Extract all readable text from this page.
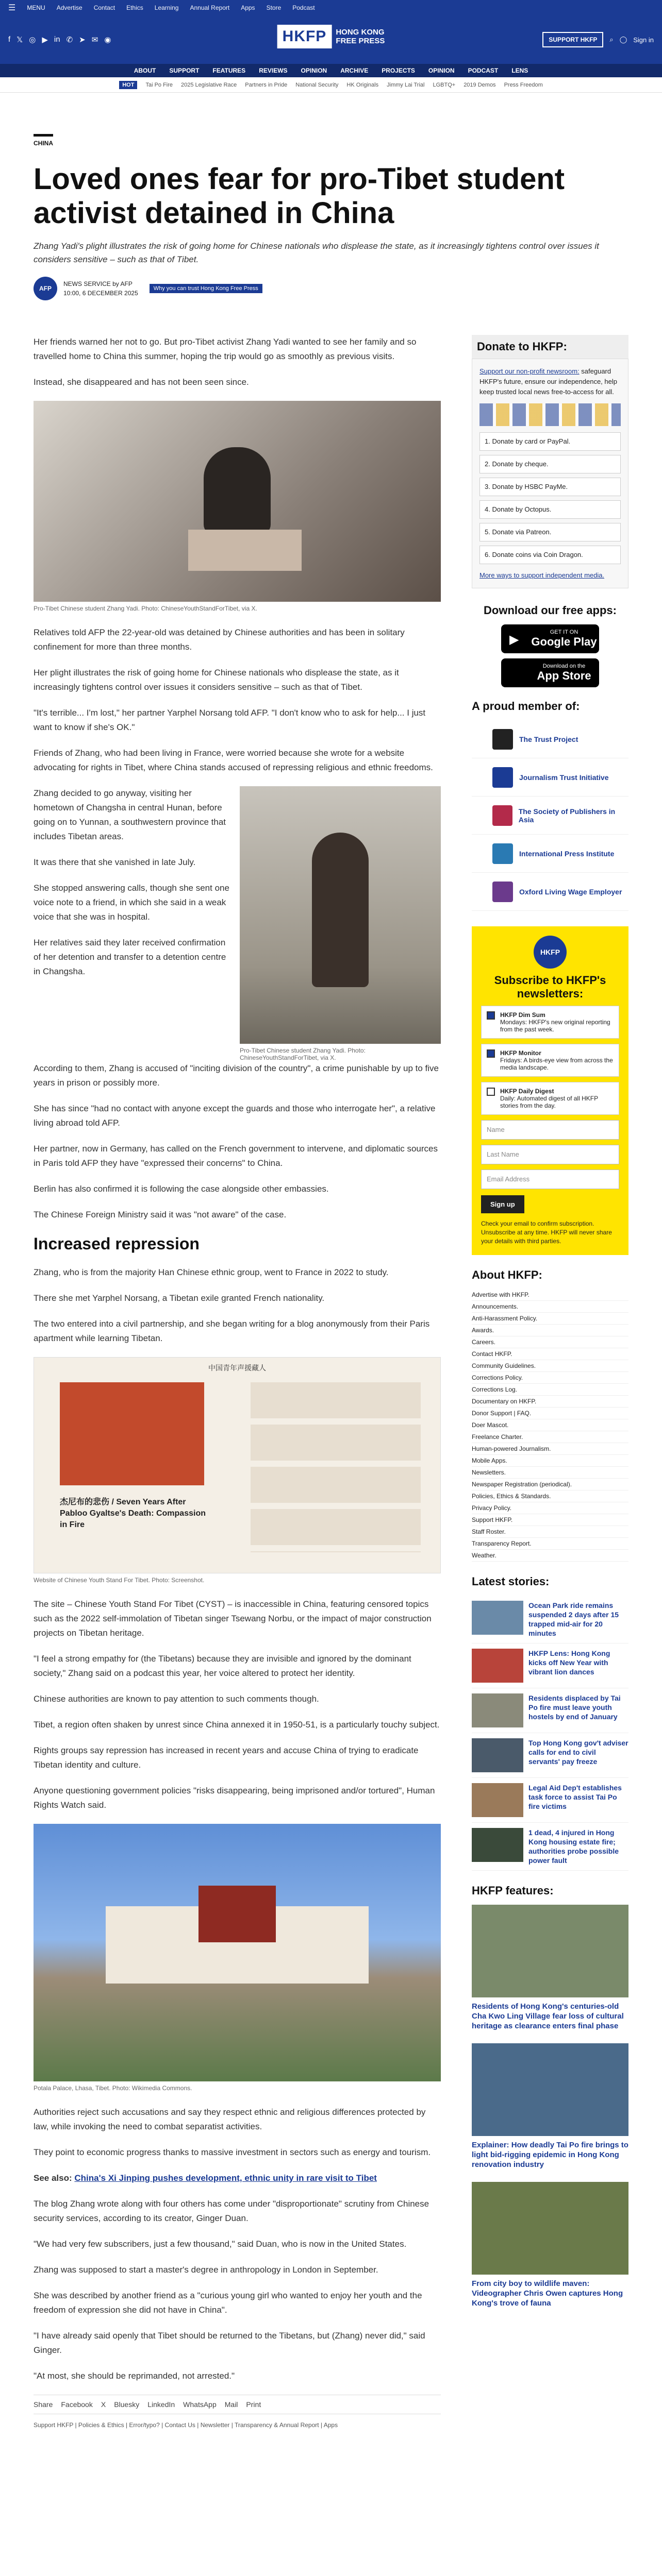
☰ MENU Advertise Contact Ethics Learning Annual Report Apps Store Podcast
f 𝕏 ◎ ▶ in ✆ ➤ ✉ ◉	HKFP	HONG KONG
FREE PRESS	SUPPORT HKFP	⌕ ◯ Sign in
ABOUT SUPPORT FEATURES REVIEWS OPINION ARCHIVE PROJECTS OPINION PODCAST LENS
HOT	Tai Po Fire 2025 Legislative Race Partners in Pride National Security HK Originals Jimmy Lai Trial LGBTQ+ 2019 Demos Press Freedom
CHINA
Loved ones fear for pro-Tibet student activist detained in China
Zhang Yadi's plight illustrates the risk of going home for Chinese nationals who displease the state, as it increasingly tightens control over issues it considers sensitive – such as that of Tibet.
AFP
NEWS SERVICE by AFP
10:00, 6 DECEMBER 2025
Why you can trust Hong Kong Free Press

Her friends warned her not to go. But pro-Tibet activist Zhang Yadi wanted to see her family and so travelled home to China this summer, hoping the trip would go as smoothly as previous visits.

Instead, she disappeared and has not been seen since.

Pro-Tibet Chinese student Zhang Yadi. Photo: ChineseYouthStandForTibet, via X.

Relatives told AFP the 22-year-old was detained by Chinese authorities and has been in solitary confinement for more than three months.

Her plight illustrates the risk of going home for Chinese nationals who displease the state, as it increasingly tightens control over issues it considers sensitive – such as that of Tibet.

"It's terrible... I'm lost," her partner Yarphel Norsang told AFP. "I don't know who to ask for help... I just want to know if she's OK."

Friends of Zhang, who had been living in France, were worried because she wrote for a website advocating for rights in Tibet, where China stands accused of repressing religious and ethnic freedoms.

Zhang decided to go anyway, visiting her hometown of Changsha in central Hunan, before going on to Yunnan, a southwestern province that includes Tibetan areas.

It was there that she vanished in late July.

She stopped answering calls, though she sent one voice note to a friend, in which she said in a weak voice that she was in hospital.

Her relatives said they later received confirmation of her detention and transfer to a detention centre in Changsha.

Pro-Tibet Chinese student Zhang Yadi. Photo: ChineseYouthStandForTibet, via X.

According to them, Zhang is accused of "inciting division of the country", a crime punishable by up to five years in prison or possibly more.

She has since "had no contact with anyone except the guards and those who interrogate her", a relative living abroad told AFP.

Her partner, now in Germany, has called on the French government to intervene, and diplomatic sources in Paris told AFP they have "expressed their concerns" to China.

Berlin has also confirmed it is following the case alongside other embassies.

The Chinese Foreign Ministry said it was "not aware" of the case.

Increased repression

Zhang, who is from the majority Han Chinese ethnic group, went to France in 2022 to study.

There she met Yarphel Norsang, a Tibetan exile granted French nationality.

The two entered into a civil partnership, and she began writing for a blog anonymously from their Paris apartment while learning Tibetan.

中国青年声援藏人
杰尼布的悲伤 / Seven Years After Pabloo Gyaltse's Death: Compassion in Fire
Website of Chinese Youth Stand For Tibet. Photo: Screenshot.

The site – Chinese Youth Stand For Tibet (CYST) – is inaccessible in China, featuring censored topics such as the 2022 self-immolation of Tibetan singer Tsewang Norbu, or the impact of major construction projects on Tibetan heritage.

"I feel a strong empathy for (the Tibetans) because they are invisible and ignored by the dominant society," Zhang said on a podcast this year, her voice altered to protect her identity.

Chinese authorities are known to pay attention to such comments though.

Tibet, a region often shaken by unrest since China annexed it in 1950-51, is a particularly touchy subject.

Rights groups say repression has increased in recent years and accuse China of trying to eradicate Tibetan identity and culture.

Anyone questioning government policies "risks disappearing, being imprisoned and/or tortured", Human Rights Watch said.

Potala Palace, Lhasa, Tibet. Photo: Wikimedia Commons.

Authorities reject such accusations and say they respect ethnic and religious differences protected by law, while invoking the need to combat separatist activities.

They point to economic progress thanks to massive investment in sectors such as energy and tourism.

See also: China's Xi Jinping pushes development, ethnic unity in rare visit to Tibet

The blog Zhang wrote along with four others has come under "disproportionate" scrutiny from Chinese security services, according to its creator, Ginger Duan.

"We had very few subscribers, just a few thousand," said Duan, who is now in the United States.

Zhang was supposed to start a master's degree in anthropology in London in September.

She was described by another friend as a "curious young girl who wanted to enjoy her youth and the freedom of expression she did not have in China".

"I have already said openly that Tibet should be returned to the Tibetans, but (Zhang) never did," said Ginger.

"At most, she should be reprimanded, not arrested."

Share Facebook X Bluesky LinkedIn WhatsApp Mail Print
Support HKFP | Policies & Ethics | Error/typo? | Contact Us | Newsletter | Transparency & Annual Report | Apps
Donate to HKFP:
Support our non-profit newsroom: safeguard HKFP's future, ensure our independence, help keep trusted local news free-to-access for all.
1. Donate by card or PayPal.
2. Donate by cheque.
3. Donate by HSBC PayMe.
4. Donate by Octopus.
5. Donate via Patreon.
6. Donate coins via Coin Dragon.
More ways to support independent media.
Download our free apps:
▶
GET IT ON
Google Play
Download on the
App Store
A proud member of:
The Trust Project
Journalism Trust Initiative
The Society of Publishers in Asia
International Press Institute
Oxford Living Wage Employer
HKFP
Subscribe to HKFP's newsletters:
HKFP Dim Sum
Mondays: HKFP's new original reporting from the past week.
HKFP Monitor
Fridays: A birds-eye view from across the media landscape.
HKFP Daily Digest
Daily: Automated digest of all HKFP stories from the day.
Name
Last Name
Email Address
Sign up
Check your email to confirm subscription. Unsubscribe at any time. HKFP will never share your details with third parties.
About HKFP:
Advertise with HKFP.
Announcements.
Anti-Harassment Policy.
Awards.
Careers.
Contact HKFP.
Community Guidelines.
Corrections Policy.
Corrections Log.
Documentary on HKFP.
Donor Support | FAQ.
Doer Mascot.
Freelance Charter.
Human-powered Journalism.
Mobile Apps.
Newsletters.
Newspaper Registration (periodical).
Policies, Ethics & Standards.
Privacy Policy.
Support HKFP.
Staff Roster.
Transparency Report.
Weather.
Latest stories:
Ocean Park ride remains suspended 2 days after 15 trapped mid-air for 20 minutes
HKFP Lens: Hong Kong kicks off New Year with vibrant lion dances
Residents displaced by Tai Po fire must leave youth hostels by end of January
Top Hong Kong gov't adviser calls for end to civil servants' pay freeze
Legal Aid Dep't establishes task force to assist Tai Po fire victims
1 dead, 4 injured in Hong Kong housing estate fire; authorities probe possible power fault
HKFP features:
Residents of Hong Kong's centuries-old Cha Kwo Ling Village fear loss of cultural heritage as clearance enters final phase
Explainer: How deadly Tai Po fire brings to light bid-rigging epidemic in Hong Kong renovation industry
From city boy to wildlife maven: Videographer Chris Owen captures Hong Kong's trove of fauna
